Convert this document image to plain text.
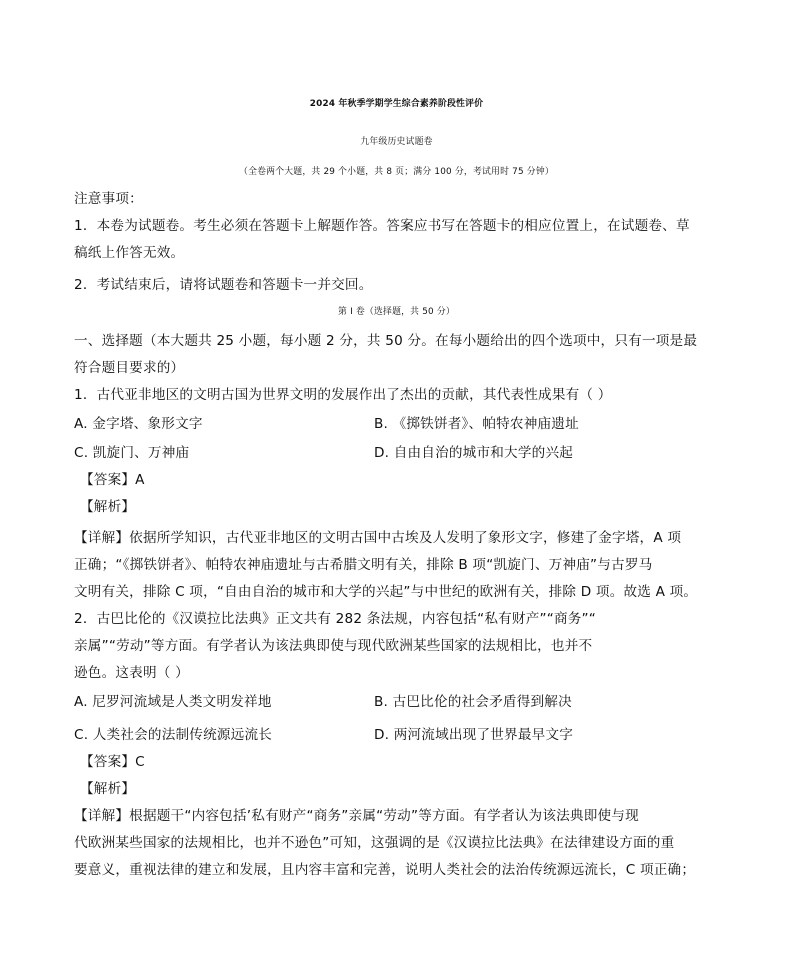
2024 年秋季学期学生综合素养阶段性评价
九年级历史试题卷
（全卷两个大题，共 29 个小题，共 8 页；满分 100 分，考试用时 75 分钟）
注意事项：
1．本卷为试题卷。考生必须在答题卡上解题作答。答案应书写在答题卡的相应位置上，在试题卷、草
稿纸上作答无效。
2．考试结束后，请将试题卷和答题卡一并交回。
第 I 卷（选择题，共 50 分）
一、选择题（本大题共 25 小题，每小题 2 分，共 50 分。在每小题给出的四个选项中，只有一项是最
符合题目要求的）
1．古代亚非地区的文明古国为世界文明的发展作出了杰出的贡献，其代表性成果有（ ）
A. 金字塔、象形文字	B. 《掷铁饼者》、帕特农神庙遗址
C. 凯旋门、万神庙	D. 自由自治的城市和大学的兴起
【答案】A
【解析】
【详解】依据所学知识，古代亚非地区的文明古国中古埃及人发明了象形文字，修建了金字塔，A 项
正确；“《掷铁饼者》、帕特农神庙遗址与古希腊文明有关，排除 B 项“凯旋门、万神庙”与古罗马
文明有关，排除 C 项，“自由自治的城市和大学的兴起”与中世纪的欧洲有关，排除 D 项。故选 A 项。
2．古巴比伦的《汉谟拉比法典》正文共有 282 条法规，内容包括“私有财产”“商务”“
亲属”“劳动”等方面。有学者认为该法典即使与现代欧洲某些国家的法规相比，也并不
逊色。这表明（ ）
A. 尼罗河流域是人类文明发祥地	B. 古巴比伦的社会矛盾得到解决
C. 人类社会的法制传统源远流长	D. 两河流域出现了世界最早文字
【答案】C
【解析】
【详解】根据题干“内容包括’私有财产“商务”亲属“劳动”等方面。有学者认为该法典即使与现
代欧洲某些国家的法规相比，也并不逊色”可知，这强调的是《汉谟拉比法典》在法律建设方面的重
要意义，重视法律的建立和发展，且内容丰富和完善，说明人类社会的法治传统源远流长，C 项正确；
